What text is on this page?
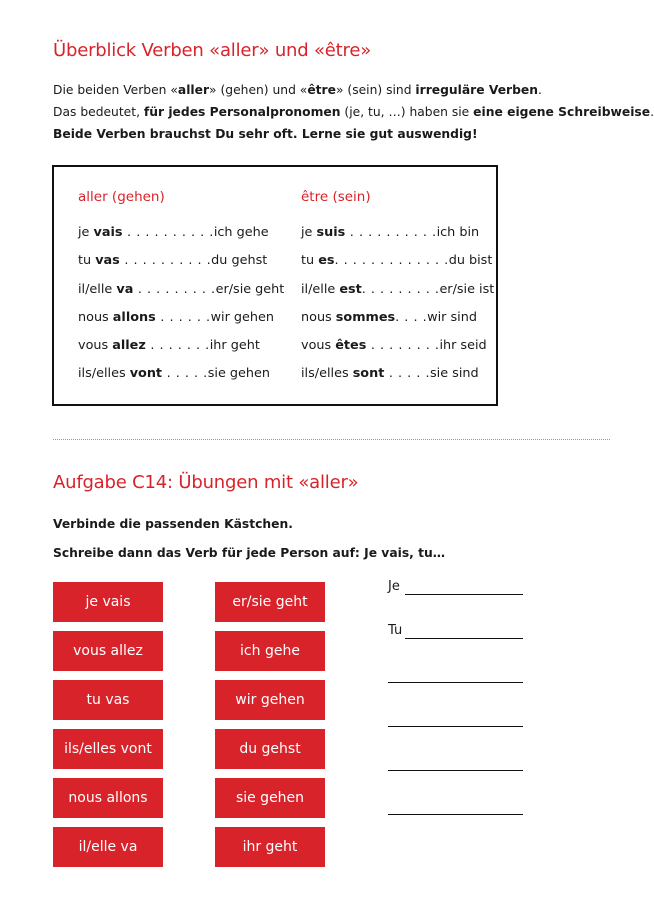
Überblick Verben «aller» und «être»

Die beiden Verben «aller» (gehen) und «être» (sein) sind irreguläre Verben.

Das bedeutet, für jedes Personalpronomen (je, tu, …) haben sie eine eigene Schreibweise.

Beide Verben brauchst Du sehr oft. Lerne sie gut auswendig!

aller (gehen)
je vais . . . . . . . . . .ich gehe
tu vas . . . . . . . . . .du gehst
il/elle va . . . . . . . . .er/sie geht
nous allons . . . . . .wir gehen
vous allez . . . . . . .ihr geht
ils/elles vont . . . . .sie gehen
être (sein)
je suis . . . . . . . . . .ich bin
tu es. . . . . . . . . . . . .du bist
il/elle est. . . . . . . . .er/sie ist
nous sommes. . . .wir sind
vous êtes . . . . . . . .ihr seid
ils/elles sont . . . . .sie sind
Aufgabe C14: Übungen mit «aller»

Verbinde die passenden Kästchen.

Schreibe dann das Verb für jede Person auf: Je vais, tu…

je vais
vous allez
tu vas
ils/elles vont
nous allons
il/elle va
er/sie geht
ich gehe
wir gehen
du gehst
sie gehen
ihr geht
Je
Tu
